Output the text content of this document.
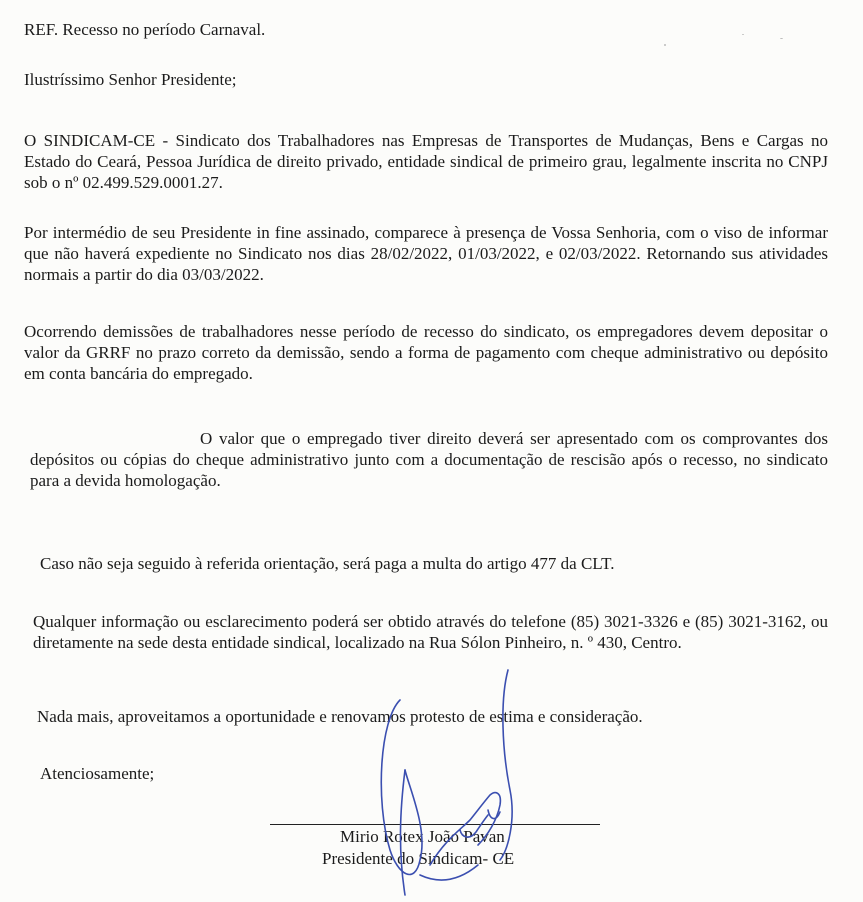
REF. Recesso no período Carnaval.

Ilustríssimo Senhor Presidente;

O SINDICAM-CE - Sindicato dos Trabalhadores nas Empresas de Transportes de Mudanças, Bens e Cargas no Estado do Ceará, Pessoa Jurídica de direito privado, entidade sindical de primeiro grau, legalmente inscrita no CNPJ sob o nº 02.499.529.0001.27.

Por intermédio de seu Presidente in fine assinado, comparece à presença de Vossa Senhoria, com o viso de informar que não haverá expediente no Sindicato nos dias 28/02/2022, 01/03/2022, e 02/03/2022. Retornando sus atividades normais a partir do dia 03/03/2022.

Ocorrendo demissões de trabalhadores nesse período de recesso do sindicato, os empregadores devem depositar o valor da GRRF no prazo correto da demissão, sendo a forma de pagamento com cheque administrativo ou depósito em conta bancária do empregado.

O valor que o empregado tiver direito deverá ser apresentado com os comprovantes dos depósitos ou cópias do cheque administrativo junto com a documentação de rescisão após o recesso, no sindicato para a devida homologação.

Caso não seja seguido à referida orientação, será paga a multa do artigo 477 da CLT.

Qualquer informação ou esclarecimento poderá ser obtido através do telefone (85) 3021-3326 e (85) 3021-3162, ou diretamente na sede desta entidade sindical, localizado na Rua Sólon Pinheiro, n. º 430, Centro.

Nada mais, aproveitamos a oportunidade e renovamos protesto de estima e consideração.

Atenciosamente;

Mirio Rotex João Pavan

Presidente do Sindicam- CE
